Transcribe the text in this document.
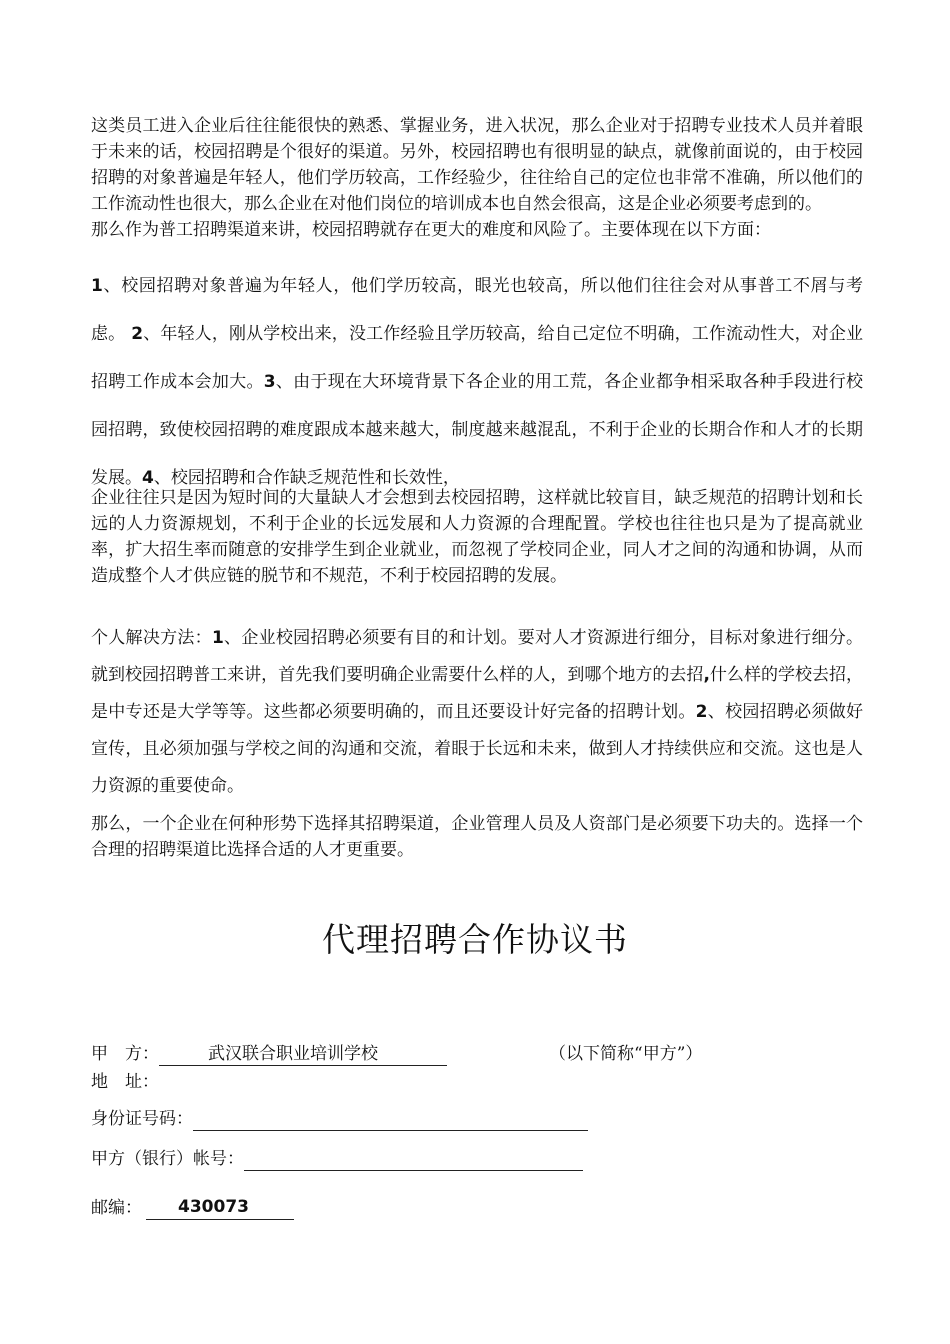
这类员工进入企业后往往能很快的熟悉、掌握业务，进入状况，那么企业对于招聘专业技术人员并着眼于未来的话，校园招聘是个很好的渠道。另外，校园招聘也有很明显的缺点，就像前面说的，由于校园招聘的对象普遍是年轻人，他们学历较高，工作经验少，往往给自己的定位也非常不准确，所以他们的工作流动性也很大，那么企业在对他们岗位的培训成本也自然会很高，这是企业必须要考虑到的。
那么作为普工招聘渠道来讲，校园招聘就存在更大的难度和风险了。主要体现在以下方面：
1、校园招聘对象普遍为年轻人，他们学历较高，眼光也较高，所以他们往往会对从事普工不屑与考虑。 2、年轻人，刚从学校出来，没工作经验且学历较高，给自己定位不明确，工作流动性大，对企业招聘工作成本会加大。3、由于现在大环境背景下各企业的用工荒，各企业都争相采取各种手段进行校园招聘，致使校园招聘的难度跟成本越来越大，制度越来越混乱，不利于企业的长期合作和人才的长期发展。4、校园招聘和合作缺乏规范性和长效性，
企业往往只是因为短时间的大量缺人才会想到去校园招聘，这样就比较盲目，缺乏规范的招聘计划和长远的人力资源规划，不利于企业的长远发展和人力资源的合理配置。学校也往往也只是为了提高就业率，扩大招生率而随意的安排学生到企业就业，而忽视了学校同企业，同人才之间的沟通和协调，从而造成整个人才供应链的脱节和不规范，不利于校园招聘的发展。
个人解决方法：1、企业校园招聘必须要有目的和计划。要对人才资源进行细分，目标对象进行细分。就到校园招聘普工来讲，首先我们要明确企业需要什么样的人，到哪个地方的去招,什么样的学校去招，是中专还是大学等等。这些都必须要明确的，而且还要设计好完备的招聘计划。2、校园招聘必须做好宣传，且必须加强与学校之间的沟通和交流，着眼于长远和未来，做到人才持续供应和交流。这也是人力资源的重要使命。
那么，一个企业在何种形势下选择其招聘渠道，企业管理人员及人资部门是必须要下功夫的。选择一个合理的招聘渠道比选择合适的人才更重要。
代理招聘合作协议书
甲　方：	武汉联合职业培训学校	（以下简称“甲方”）
地　址：
身份证号码：
甲方（银行）帐号：
邮编：	430073
